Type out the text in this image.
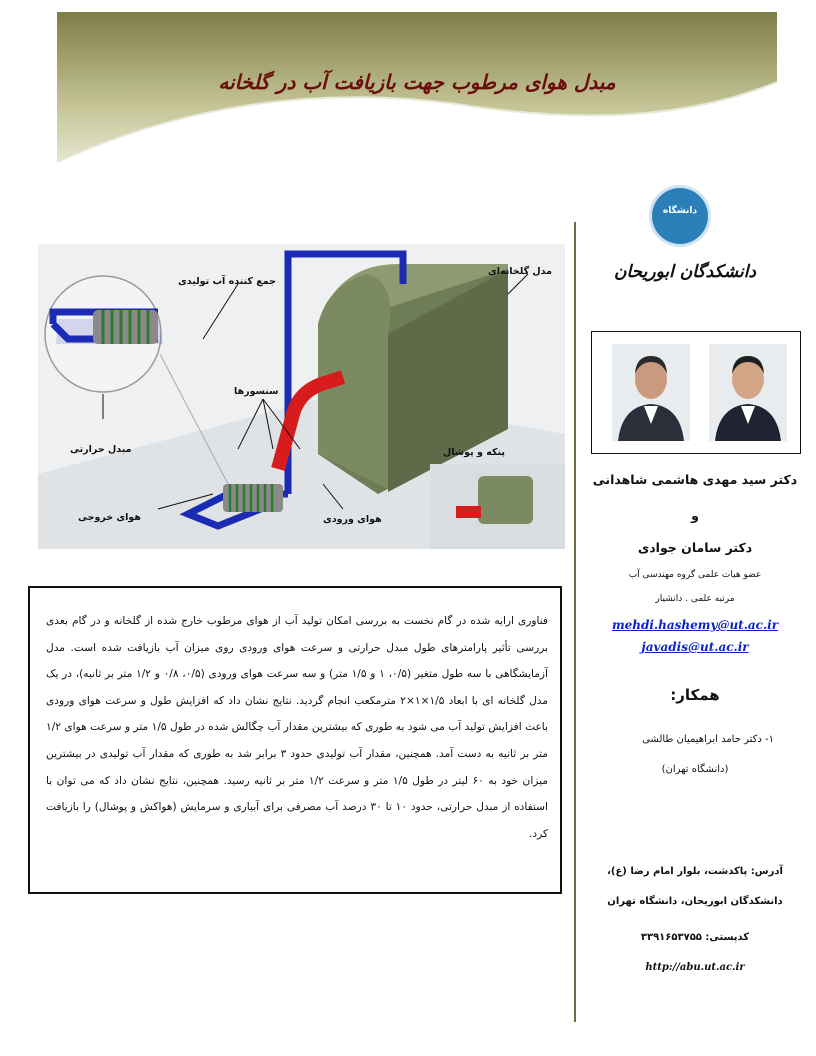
مبدل هوای مرطوب جهت بازیافت آب در گلخانه
جمع کننده آب تولیدی
مدل گلخانه‌ای
سنسورها
مبدل حرارتی	پنکه و پوشال
هوای خروجی	هوای ورودی

فناوری ارایه شده در گام نخست به بررسی امکان تولید آب از هوای مرطوب خارج شده از گلخانه و در گام بعدی بررسی تأثیر پارامترهای طول مبدل حرارتی و سرعت هوای ورودی روی میزان آب بازیافت شده است. مدل آزمایشگاهی با سه طول متغیر (۰/۵، ۱ و ۱/۵ متر) و سه سرعت هوای ورودی (۰/۵، ۰/۸ و ۱/۲ متر بر ثانیه)، در یک مدل گلخانه ای با ابعاد ۱/۵×۱×۲ مترمکعب انجام گردید. نتایج نشان داد که افزایش طول و سرعت هوای ورودی باعث افزایش تولید آب می شود به طوری که بیشترین مقدار آب چگالش شده در طول ۱/۵ متر و سرعت هوای ۱/۲ متر بر ثانیه به دست آمد. همچنین، مقدار آب تولیدی حدود ۳ برابر شد به طوری که مقدار آب تولیدی در بیشترین میزان خود به ۶۰ لیتر در طول ۱/۵ متر و سرعت ۱/۲ متر بر ثانیه رسید. همچنین، نتایج نشان داد که می توان با استفاده از مبدل حرارتی، حدود ۱۰ تا ۳۰ درصد آب مصرفی برای آبیاری و سرمایش (هواکش و پوشال) را بازیافت کرد.

دانشگاه
دانشکدگان ابوریحان
دکتر سید مهدی هاشمی شاهدانی
و
دکتر سامان جوادی
عضو هیات علمی گروه مهندسی آب
مرتبه علمی . دانشیار
mehdi.hashemy@ut.ac.ir
javadis@ut.ac.ir
همکار:
۱- دکتر حامد ابراهیمیان طالشی
(دانشگاه تهران)
آدرس: پاکدشت، بلوار امام رضا (ع)،
دانشکدگان ابوریحان، دانشگاه تهران
کدپستی: ۳۳۹۱۶۵۳۷۵۵
http://abu.ut.ac.ir
